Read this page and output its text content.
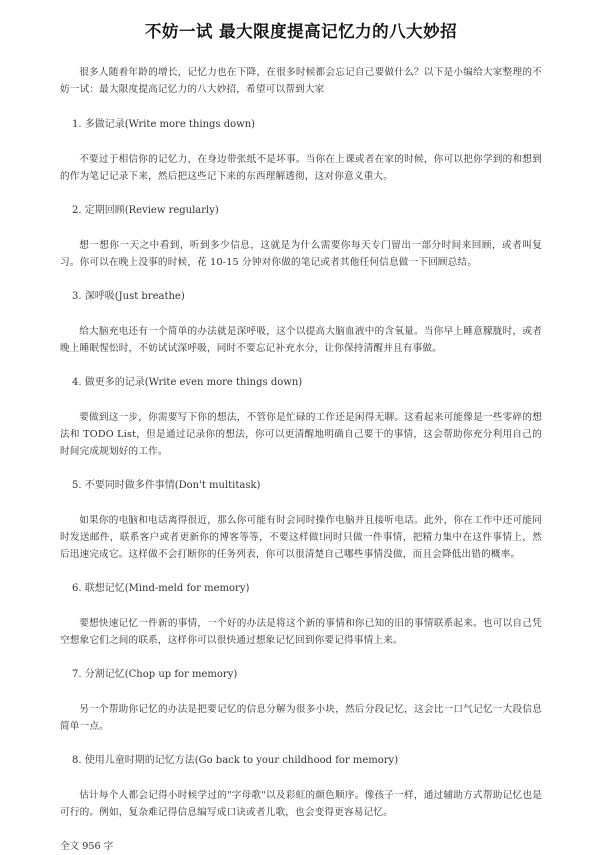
不妨一试 最大限度提高记忆力的八大妙招

很多人随着年龄的增长，记忆力也在下降，在很多时候都会忘记自己要做什么？以下是小编给大家整理的不妨一试：最大限度提高记忆力的八大妙招，希望可以帮到大家

1. 多做记录(Write more things down)

不要过于相信你的记忆力，在身边带张纸不是坏事。当你在上课或者在家的时候，你可以把你学到的和想到的作为笔记记录下来，然后把这些记下来的东西理解透彻，这对你意义重大。

2. 定期回顾(Review regularly)

想一想你一天之中看到，听到多少信息，这就是为什么需要你每天专门留出一部分时间来回顾，或者叫复习。你可以在晚上没事的时候，花 10-15 分钟对你做的笔记或者其他任何信息做一下回顾总结。

3. 深呼吸(Just breathe)

给大脑充电还有一个简单的办法就是深呼吸，这个以提高大脑血液中的含氧量。当你早上睡意朦胧时，或者晚上睡眠惺忪时，不妨试试深呼吸，同时不要忘记补充水分，让你保持清醒并且有事做。

4. 做更多的记录(Write even more things down)

要做到这一步，你需要写下你的想法，不管你是忙碌的工作还是闲得无聊。这看起来可能像是一些零碎的想法和 TODO List，但是通过记录你的想法，你可以更清醒地明确自己要干的事情，这会帮助你充分利用自己的时间完成规划好的工作。

5. 不要同时做多件事情(Don't multitask)

如果你的电脑和电话离得很近，那么你可能有时会同时操作电脑并且接听电话。此外，你在工作中还可能同时发送邮件，联系客户或者更新你的博客等等，不要这样做!同时只做一件事情，把精力集中在这件事情上，然后迅速完成它。这样做不会打断你的任务列表，你可以很清楚自己哪些事情没做，而且会降低出错的概率。

6. 联想记忆(Mind-meld for memory)

要想快速记忆一件新的事情，一个好的办法是将这个新的事情和你已知的旧的事情联系起来。也可以自己凭空想象它们之间的联系，这样你可以很快通过想象记忆回到你要记得事情上来。

7. 分割记忆(Chop up for memory)

另一个帮助你记忆的办法是把要记忆的信息分解为很多小块，然后分段记忆，这会比一口气记忆一大段信息简单一点。

8. 使用儿童时期的记忆方法(Go back to your childhood for memory)

估计每个人都会记得小时候学过的"字母歌"以及彩虹的颜色顺序。像孩子一样，通过辅助方式帮助记忆也是可行的。例如，复杂难记得信息编写成口诀或者儿歌，也会变得更容易记忆。

全文 956 字
